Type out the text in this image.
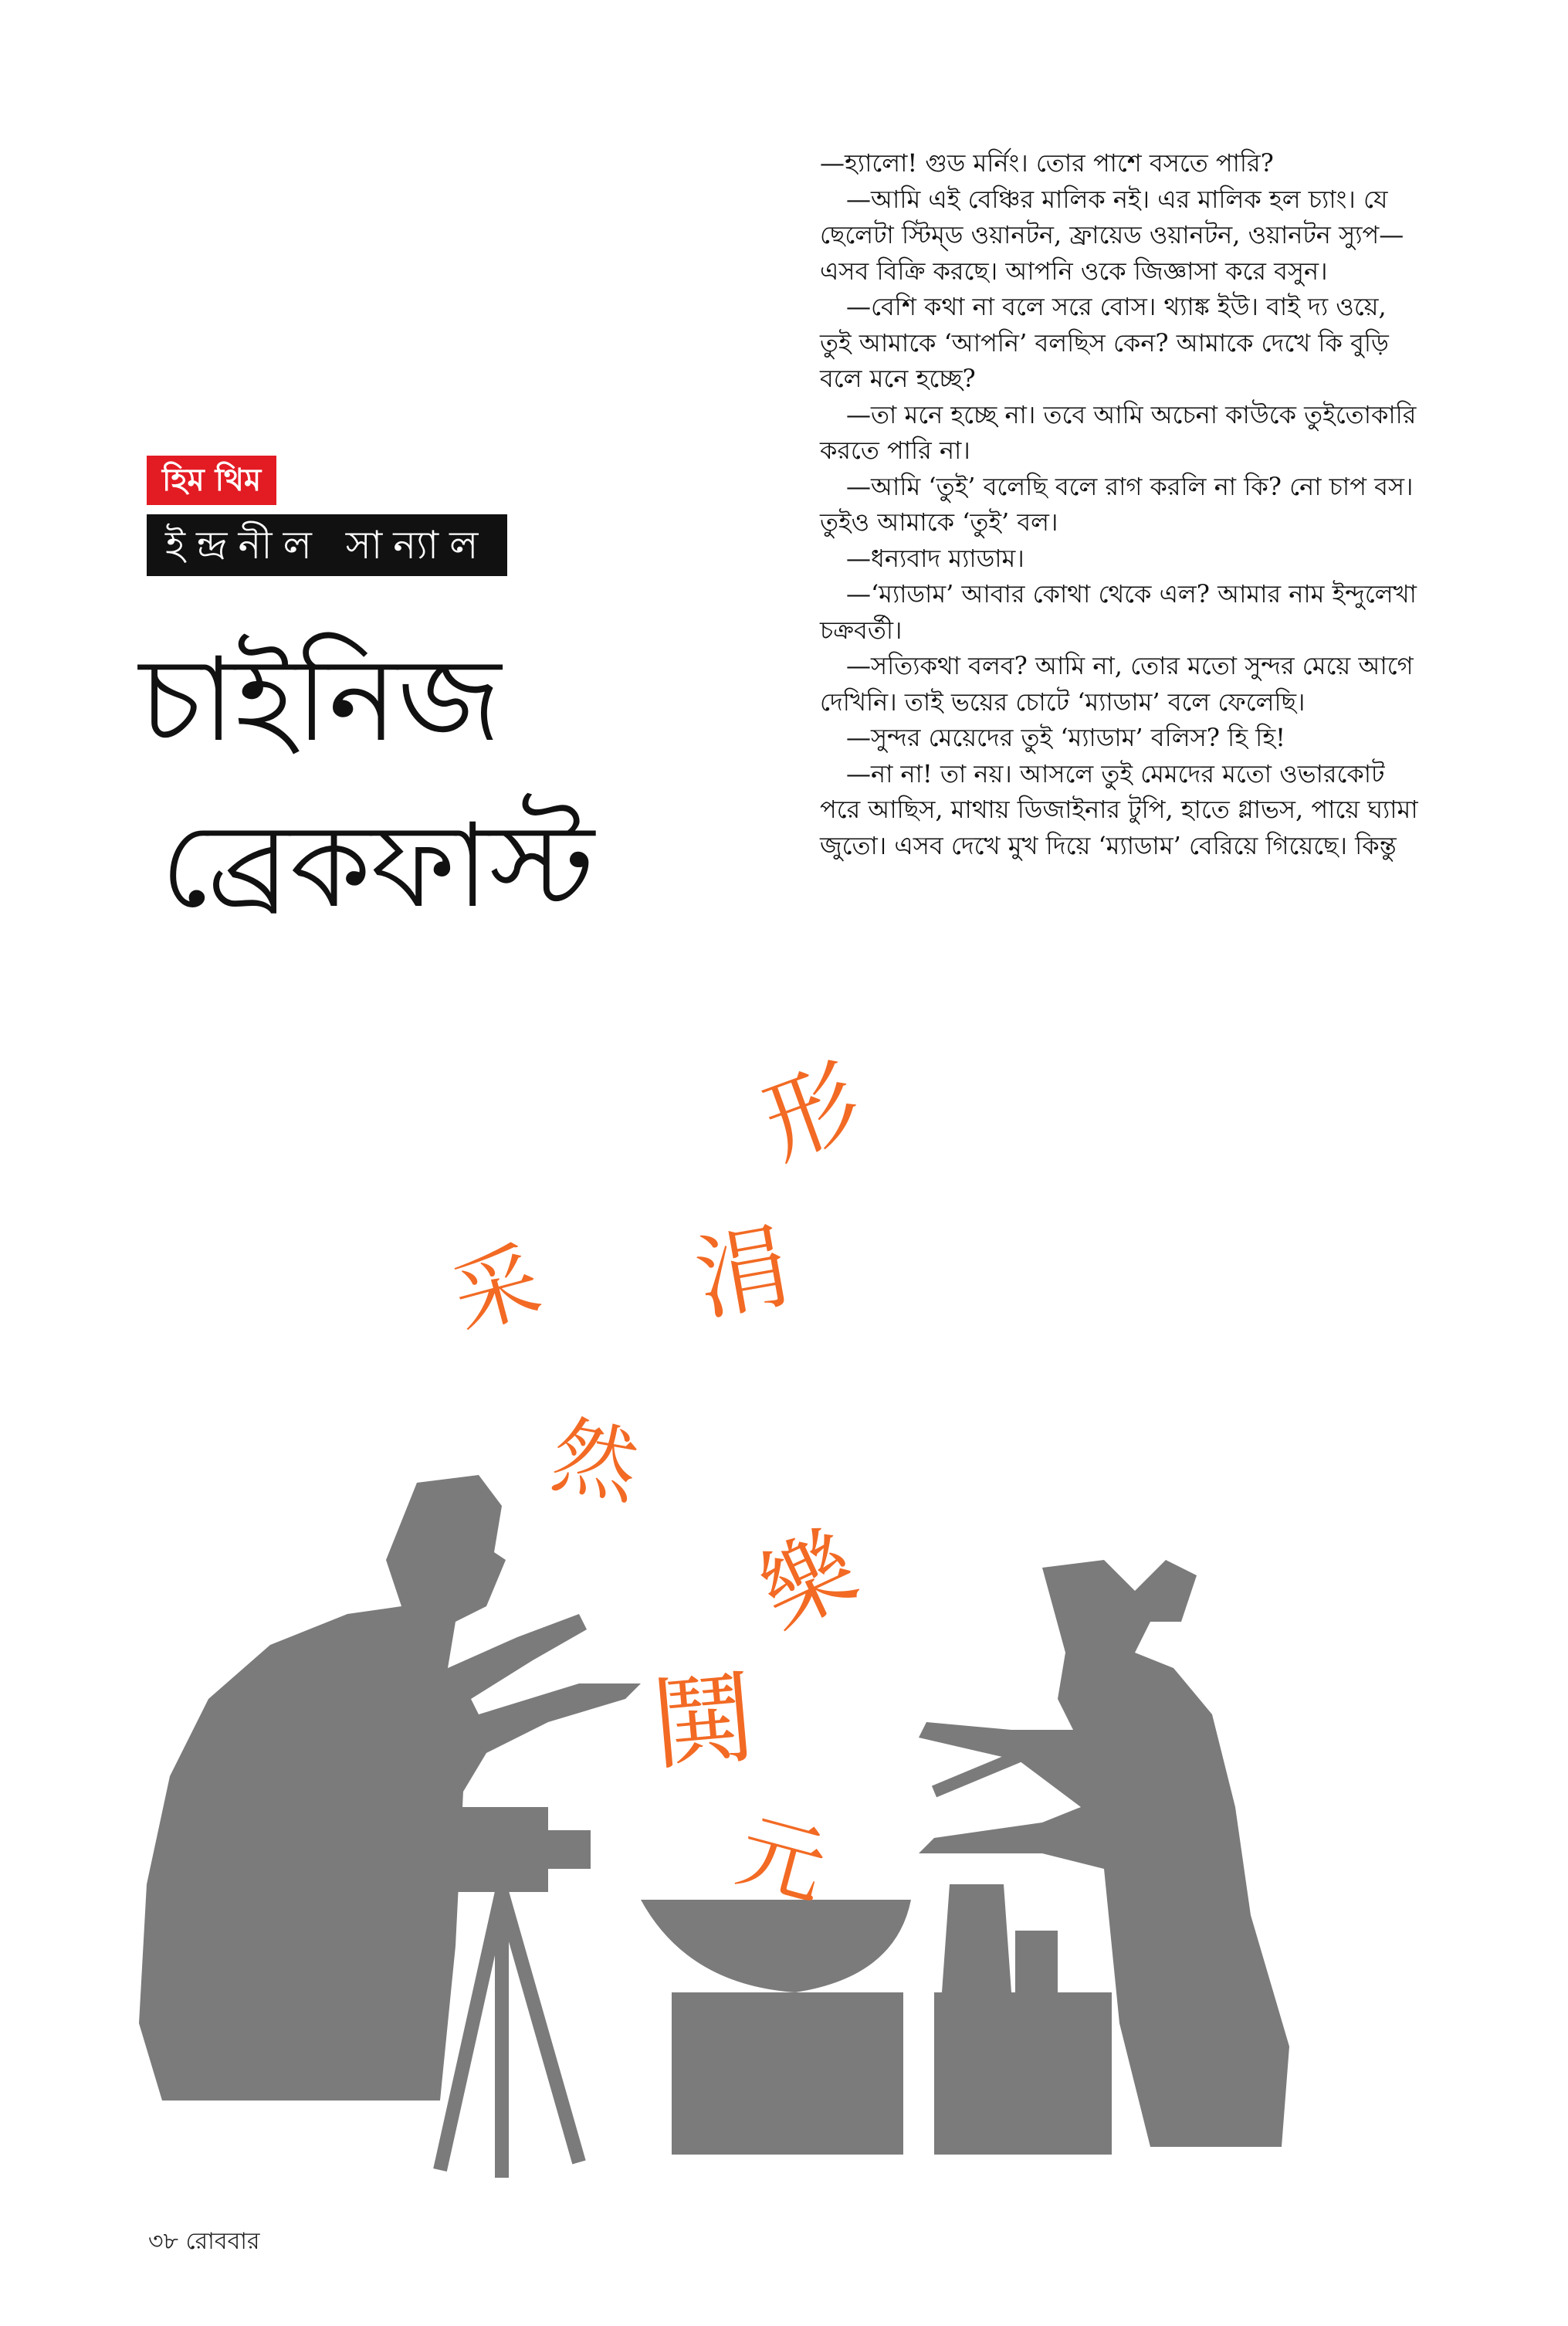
হিম থিম
ইন্দ্রনীল সান্যাল
চাইনিজ
ব্রেকফাস্ট

—হ্যালো! গুড মর্নিং। তোর পাশে বসতে পারি?

—আমি এই বেঞ্চির মালিক নই। এর মালিক হল চ্যাং। যে ছেলেটা স্টিম্‌ড ওয়ানটন, ফ্রায়েড ওয়ানটন, ওয়ানটন স্যুপ— এসব বিক্রি করছে। আপনি ওকে জিজ্ঞাসা করে বসুন।

—বেশি কথা না বলে সরে বোস। থ্যাঙ্ক ইউ। বাই দ্য ওয়ে, তুই আমাকে ‘আপনি’ বলছিস কেন? আমাকে দেখে কি বুড়ি বলে মনে হচ্ছে?

—তা মনে হচ্ছে না। তবে আমি অচেনা কাউকে তুইতোকারি করতে পারি না।

—আমি ‘তুই’ বলেছি বলে রাগ করলি না কি? নো চাপ বস। তুইও আমাকে ‘তুই’ বল।

—ধন্যবাদ ম্যাডাম।

—‘ম্যাডাম’ আবার কোথা থেকে এল? আমার নাম ইন্দুলেখা চক্রবর্তী।

—সত্যিকথা বলব? আমি না, তোর মতো সুন্দর মেয়ে আগে দেখিনি। তাই ভয়ের চোটে ‘ম্যাডাম’ বলে ফেলেছি।

—সুন্দর মেয়েদের তুই ‘ম্যাডাম’ বলিস? হি হি!

—না না! তা নয়। আসলে তুই মেমদের মতো ওভারকোট পরে আছিস, মাথায় ডিজাইনার টুপি, হাতে গ্লাভস, পায়ে ঘ্যামা জুতো। এসব দেখে মুখ দিয়ে ‘ম্যাডাম’ বেরিয়ে গিয়েছে। কিন্তু

形
涓
采
然
樂
鬨
元
৩৮ রোববার
